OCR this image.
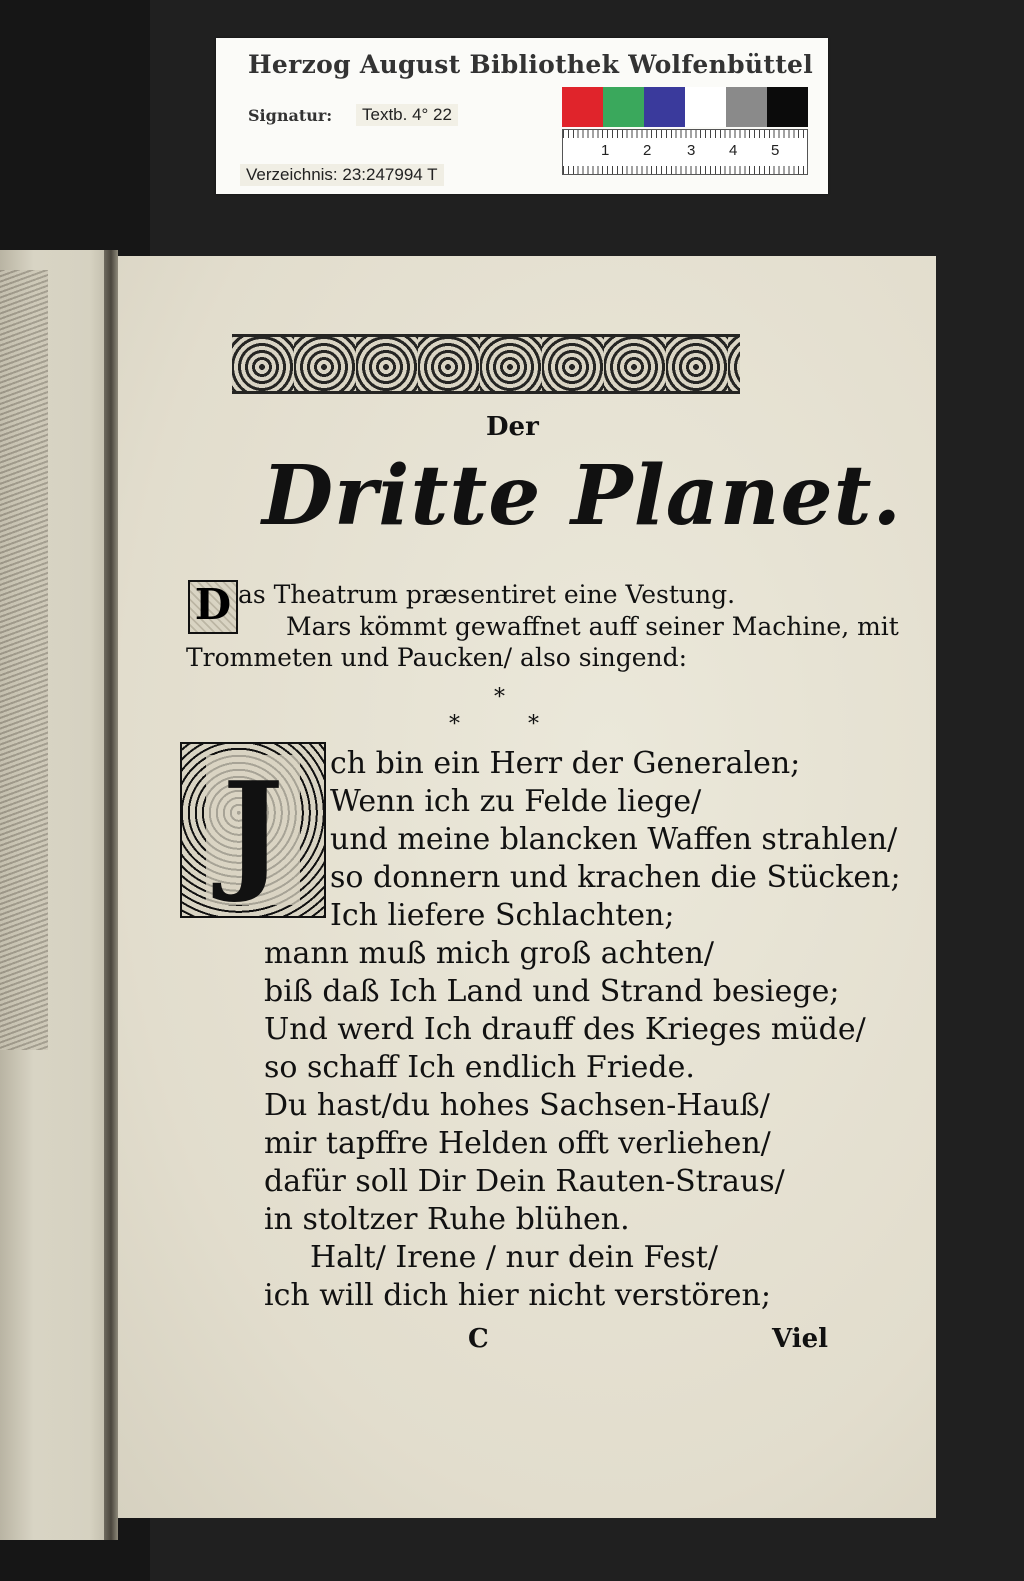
Herzog August Bibliothek Wolfenbüttel
Signatur:	Textb. 4° 22
Verzeichnis: 23:247994 T
1 2 3 4 5
Der
Dritte Planet.
D as Theatrum præsentiret eine Vestung.
Mars kömmt gewaffnet auff seiner Machine, mit
Trommeten und Paucken/ also singend:
*
*	*
J	ch bin ein Herr der Generalen;
Wenn ich zu Felde liege/
und meine blancken Waffen strahlen/
so donnern und krachen die Stücken;
Ich liefere Schlachten;
mann muß mich groß achten/
biß daß Ich Land und Strand besiege;
Und werd Ich drauff des Krieges müde/
so schaff Ich endlich Friede.
Du hast/du hohes Sachsen-Hauß/
mir tapffre Helden offt verliehen/
dafür soll Dir Dein Rauten-Straus/
in stoltzer Ruhe blühen.
Halt/ Irene / nur dein Fest/
ich will dich hier nicht verstören;
C	Viel
